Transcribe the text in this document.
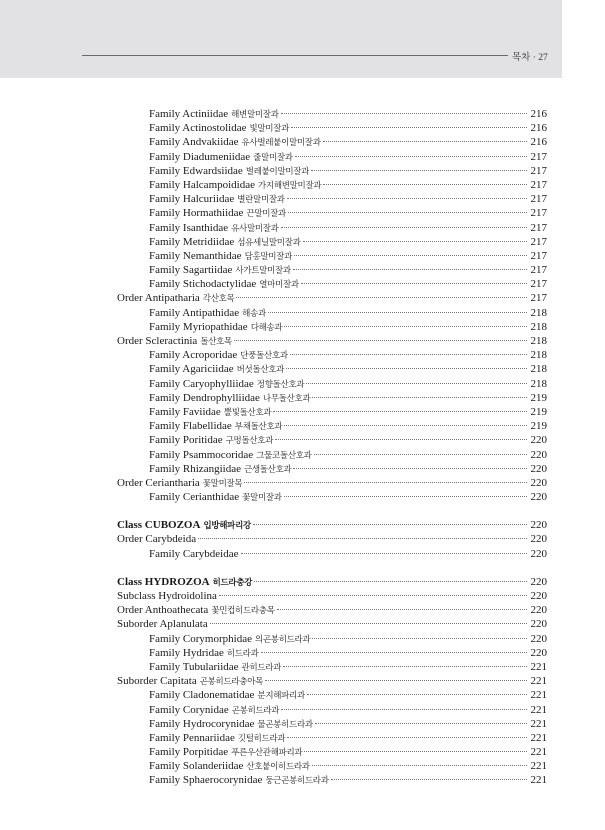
목차 · 27
Family Actiniidae 해변말미잘과	216
Family Actinostolidae 빛말미잘과	216
Family Andvakiidae 유사벌레붙이말미잘과	216
Family Diadumeniidae 줄말미잘과	217
Family Edwardsiidae 벌레붙이말미잘과	217
Family Halcampoididae 가지해변말미잘과	217
Family Halcuriidae 별란말미잘과	217
Family Hormathiidae 끈말미잘과	217
Family Isanthidae 유사말미잘과	217
Family Metridiidae 섬유세닐말미잘과	217
Family Nemanthidae 담홍말미잘과	217
Family Sagartiidae 사가트말미잘과	217
Family Stichodactylidae 열마미잘과	217
Order Antipatharia 각산호목	217
Family Antipathidae 해송과	218
Family Myriopathidae 다해송과	218
Order Scleractinia 돌산호목	218
Family Acroporidae 단풍돌산호과	218
Family Agariciidae 버섯돌산호과	218
Family Caryophylliidae 정향돌산호과	218
Family Dendrophylliidae 나무돌산호과	219
Family Faviidae 뿔빛돌산호과	219
Family Flabellidae 부채돌산호과	219
Family Poritidae 구멍돌산호과	220
Family Psammocoridae 그물코돌산호과	220
Family Rhizangiidae 근생돌산호과	220
Order Ceriantharia 꽃말미잘목	220
Family Cerianthidae 꽃말미잘과	220
Class CUBOZOA 입방해파리강	220
Order Carybdeida	220
Family Carybdeidae	220
Class HYDROZOA 히드라충강	220
Subclass Hydroidolina	220
Order Anthoathecata 꽃민컵히드라충목	220
Suborder Aplanulata	220
Family Corymorphidae 의곤봉히드라과	220
Family Hydridae 히드라과	220
Family Tubulariidae 관히드라과	221
Suborder Capitata 곤봉히드라충아목	221
Family Cladonematidae 분지해파리과	221
Family Corynidae 곤봉히드라과	221
Family Hydrocorynidae 물곤봉히드라과	221
Family Pennariidae 깃털히드라과	221
Family Porpitidae 푸른우산관해파리과	221
Family Solanderiidae 산호붙이히드라과	221
Family Sphaerocorynidae 둥근곤봉히드라과	221
